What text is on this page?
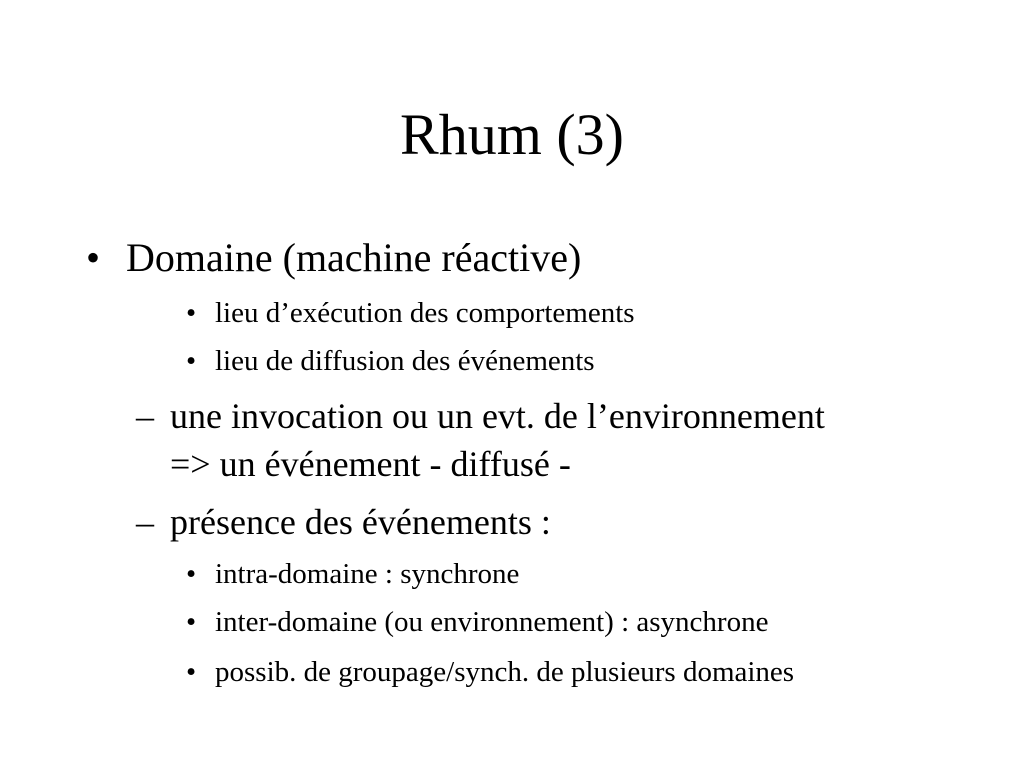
Rhum (3)
• Domaine (machine réactive)
• lieu d’exécution des comportements
• lieu de diffusion des événements
– une invocation ou un evt. de l’environnement
=> un événement - diffusé -
– présence des événements :
• intra-domaine : synchrone
• inter-domaine (ou environnement) : asynchrone
• possib. de groupage/synch. de plusieurs domaines
